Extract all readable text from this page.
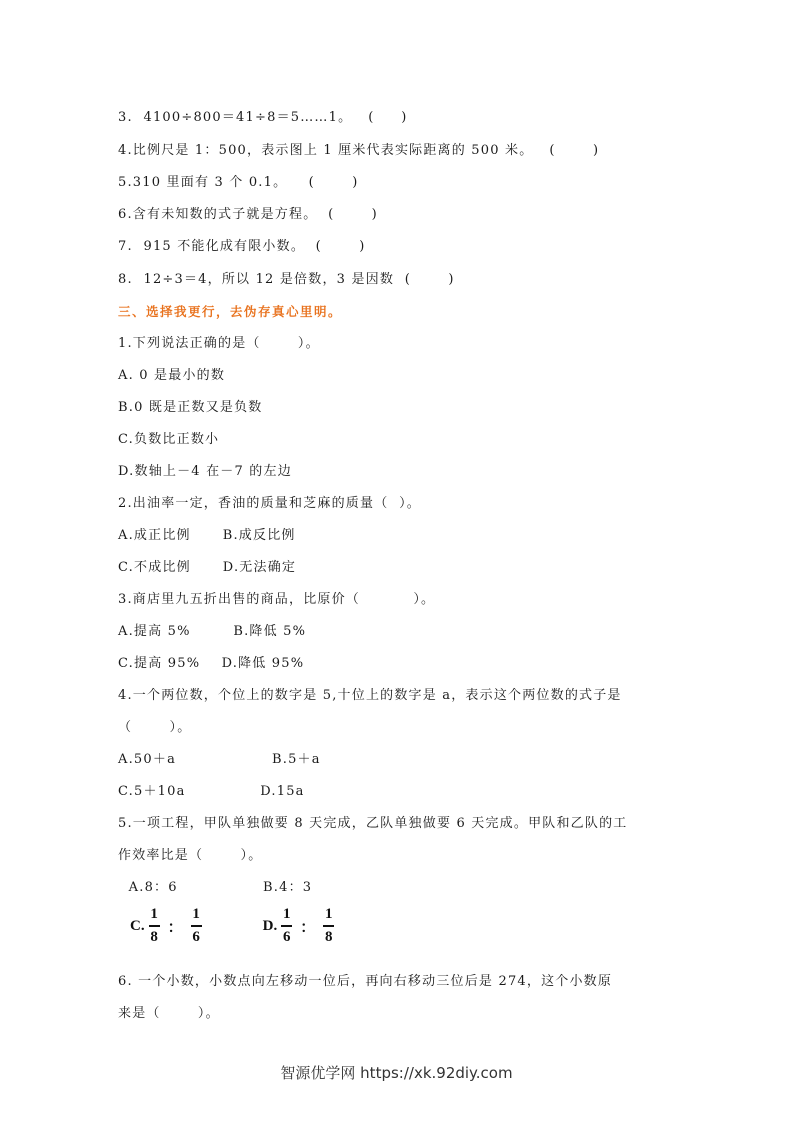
3.  4100÷800＝41÷8＝5……1。   (     )
4.比例尺是 1：500，表示图上 1 厘米代表实际距离的 500 米。   (       )
5.310 里面有 3 个 0.1。    (       )
6.含有未知数的式子就是方程。  (       )
7.  915 不能化成有限小数。  (       )
8.  12÷3＝4，所以 12 是倍数，3 是因数  (       )
三、选择我更行，去伪存真心里明。
1.下列说法正确的是（       ）。
A. 0 是最小的数
B.0 既是正数又是负数
C.负数比正数小
D.数轴上－4 在－7 的左边
2.出油率一定，香油的质量和芝麻的质量（  ）。
A.成正比例      B.成反比例
C.不成比例      D.无法确定
3.商店里九五折出售的商品，比原价（          ）。
A.提高 5%        B.降低 5%
C.提高 95%    D.降低 95%
4.一个两位数，个位上的数字是 5,十位上的数字是 a，表示这个两位数的式子是
（       ）。
A.50＋a                  B.5＋a
C.5＋10a              D.15a
5.一项工程，甲队单独做要 8 天完成，乙队单独做要 6 天完成。甲队和乙队的工
作效率比是（       ）。
A.8：6                B.4：3
C. $\frac{1}{8}$ ： $\frac{1}{6}$	D. $\frac{1}{6}$ ： $\frac{1}{8}$
6. 一个小数，小数点向左移动一位后，再向右移动三位后是 274，这个小数原
来是（       ）。
智源优学网 https://xk.92diy.com
